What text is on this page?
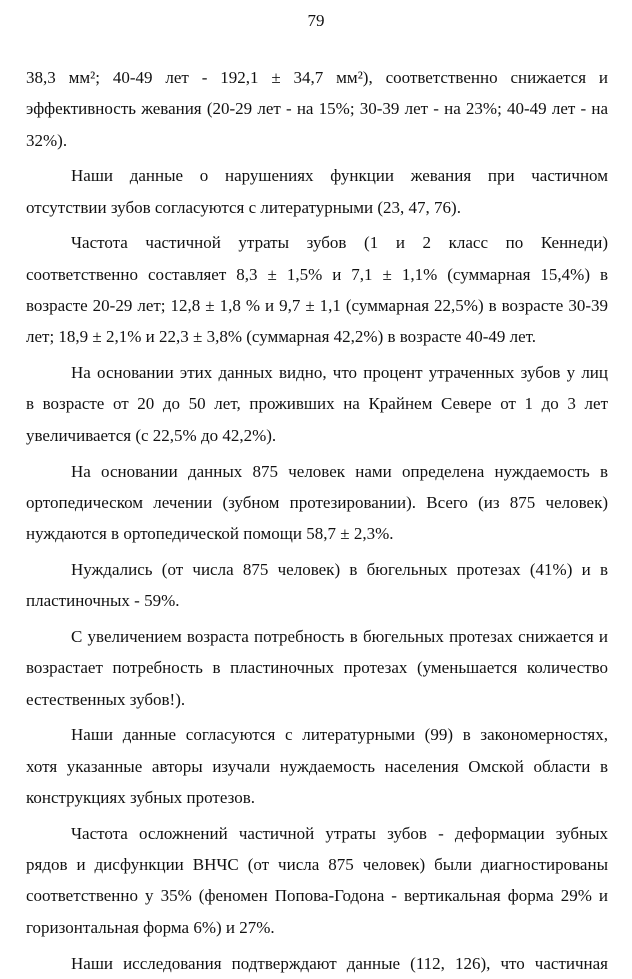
79
38,3 мм²; 40-49 лет - 192,1 ± 34,7 мм²), соответственно снижается и
эффективность жевания (20-29 лет - на 15%; 30-39 лет - на 23%; 40-49 лет - на
32%).
Наши данные о нарушениях функции жевания при частичном
отсутствии зубов согласуются с литературными (23, 47, 76).
Частота частичной утраты зубов (1 и 2 класс по Кеннеди)
соответственно составляет 8,3 ± 1,5% и 7,1 ± 1,1% (суммарная 15,4%) в
возрасте 20-29 лет; 12,8 ± 1,8 % и 9,7 ± 1,1 (суммарная 22,5%) в возрасте 30-39
лет; 18,9 ± 2,1% и 22,3 ± 3,8% (суммарная 42,2%) в возрасте 40-49 лет.
На основании этих данных видно, что процент утраченных зубов у лиц
в возрасте от 20 до 50 лет, проживших на Крайнем Севере от 1 до 3 лет
увеличивается (с 22,5% до 42,2%).
На основании данных 875 человек нами определена нуждаемость в
ортопедическом лечении (зубном протезировании). Всего (из 875 человек)
нуждаются в ортопедической помощи 58,7 ± 2,3%.
Нуждались (от числа 875 человек) в бюгельных протезах (41%) и в
пластиночных - 59%.
С увеличением возраста потребность в бюгельных протезах снижается и
возрастает потребность в пластиночных протезах (уменьшается количество
естественных зубов!).
Наши данные согласуются с литературными (99) в закономерностях,
хотя указанные авторы изучали нуждаемость населения Омской области в
конструкциях зубных протезов.
Частота осложнений частичной утраты зубов - деформации зубных
рядов и дисфункции ВНЧС (от числа 875 человек) были диагностированы
соответственно у 35% (феномен Попова-Годона - вертикальная форма 29% и
горизонтальная форма 6%) и 27%.
Наши исследования подтверждают данные (112, 126), что частичная
